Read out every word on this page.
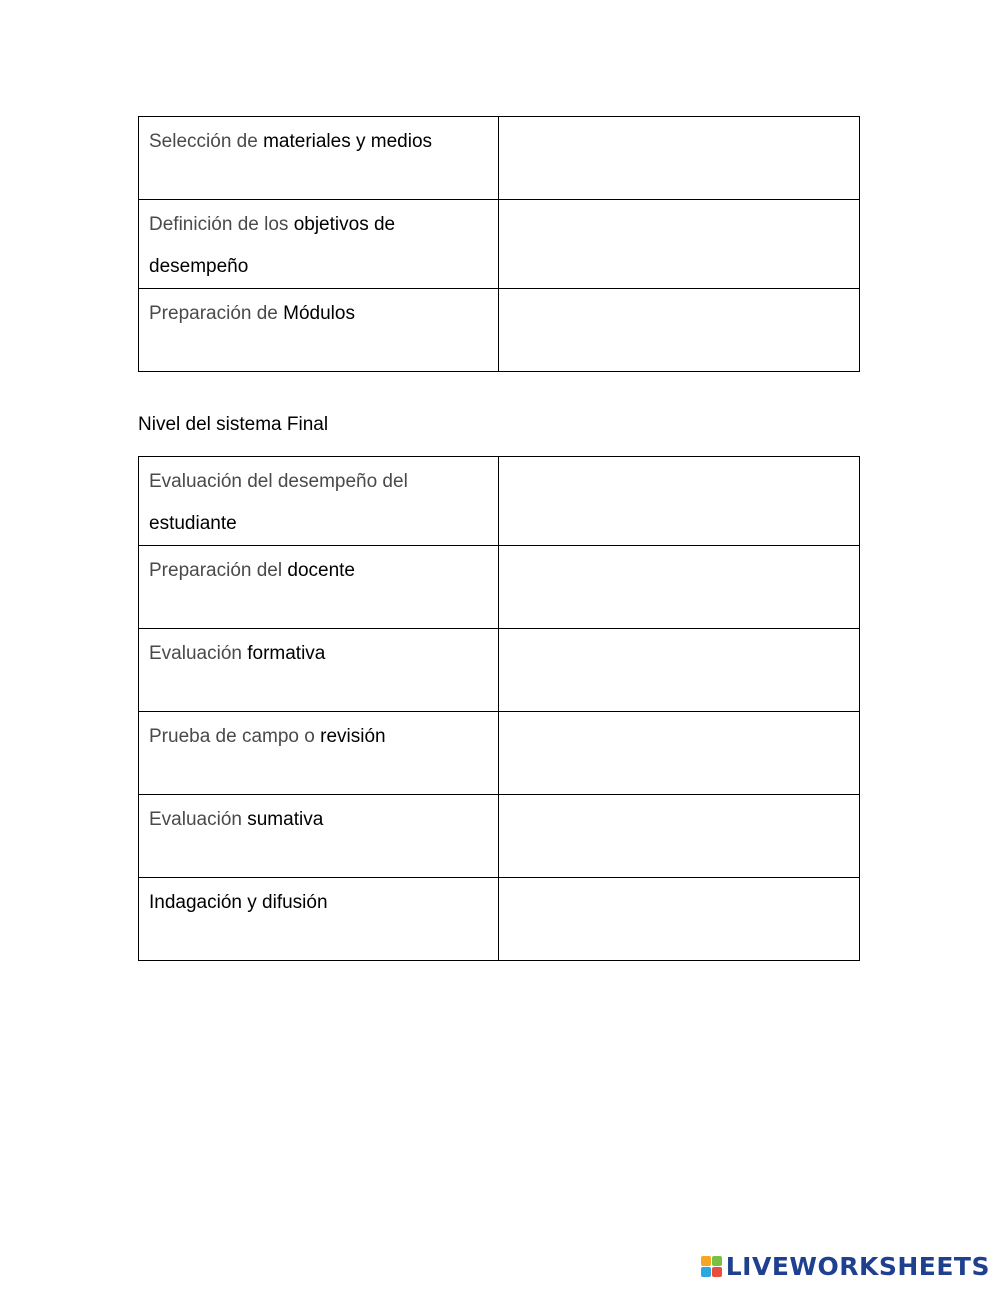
Selección de materiales y medios	
Definición de los objetivos de desempeño	
Preparación de Módulos	
Nivel del sistema Final
Evaluación del desempeño del estudiante	
Preparación del docente	
Evaluación formativa	
Prueba de campo o revisión	
Evaluación sumativa	
Indagación y difusión	
LIVEWORKSHEETS
